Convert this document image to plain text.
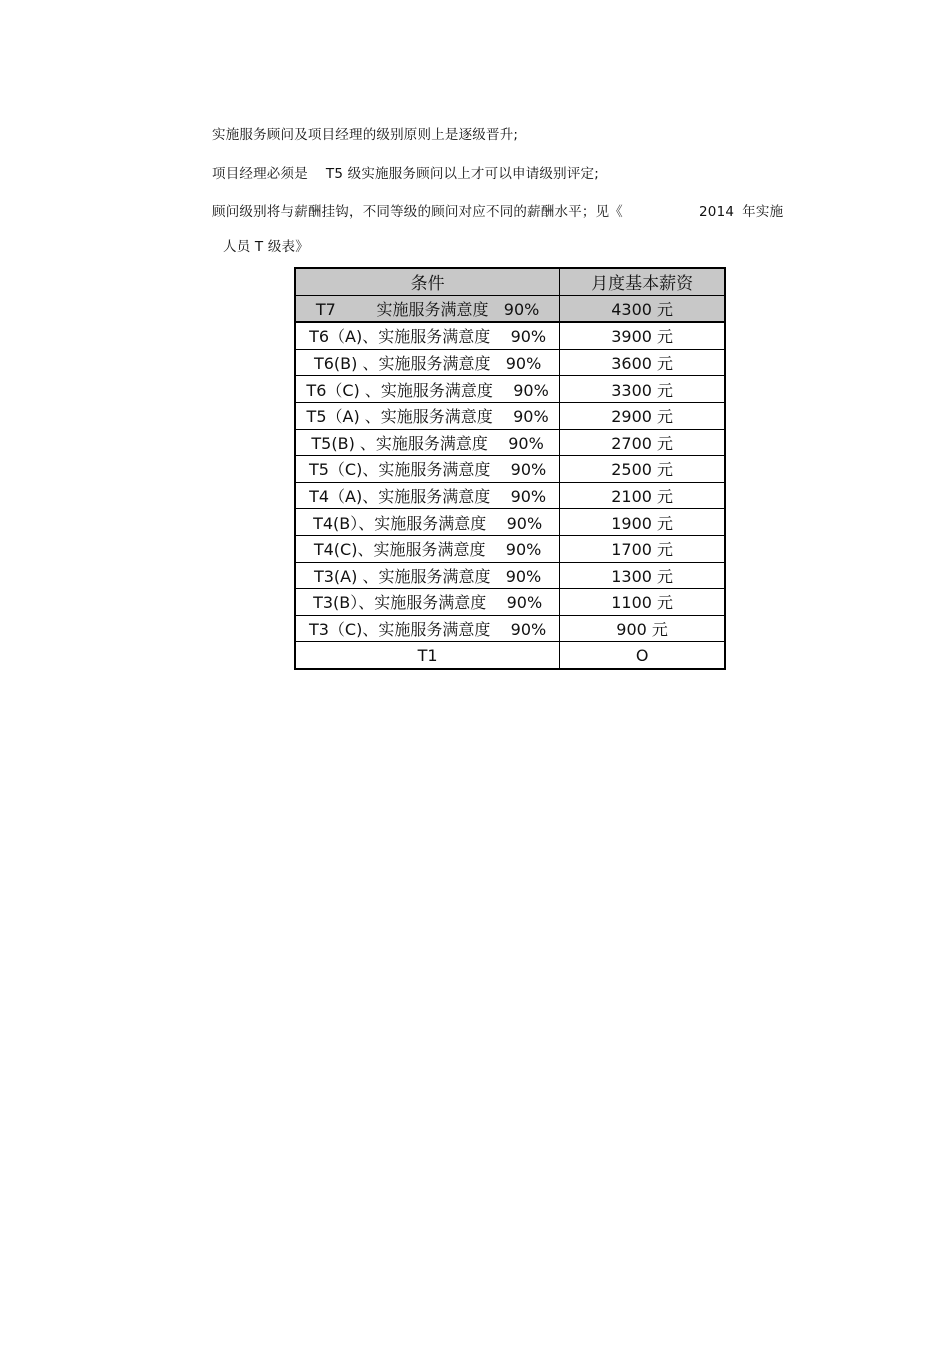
实施服务顾问及项目经理的级别原则上是逐级晋升;
项目经理必须是 T5 级实施服务顾问以上才可以申请级别评定;
顾问级别将与薪酬挂钩，不同等级的顾问对应不同的薪酬水平；见《	2014 年实施
人员 T 级表》
条件	月度基本薪资
T7        实施服务满意度   90%	4300 元
T6（A)、实施服务满意度    90%	3900 元
T6(B) 、实施服务满意度   90%	3600 元
T6（C) 、实施服务满意度    90%	3300 元
T5（A) 、实施服务满意度    90%	2900 元
T5(B) 、实施服务满意度    90%	2700 元
T5（C)、实施服务满意度    90%	2500 元
T4（A)、实施服务满意度    90%	2100 元
T4(B）、实施服务满意度    90%	1900 元
T4(C)、实施服务满意度    90%	1700 元
T3(A) 、实施服务满意度   90%	1300 元
T3(B）、实施服务满意度    90%	1100 元
T3（C)、实施服务满意度    90%	900 元
T1	O
